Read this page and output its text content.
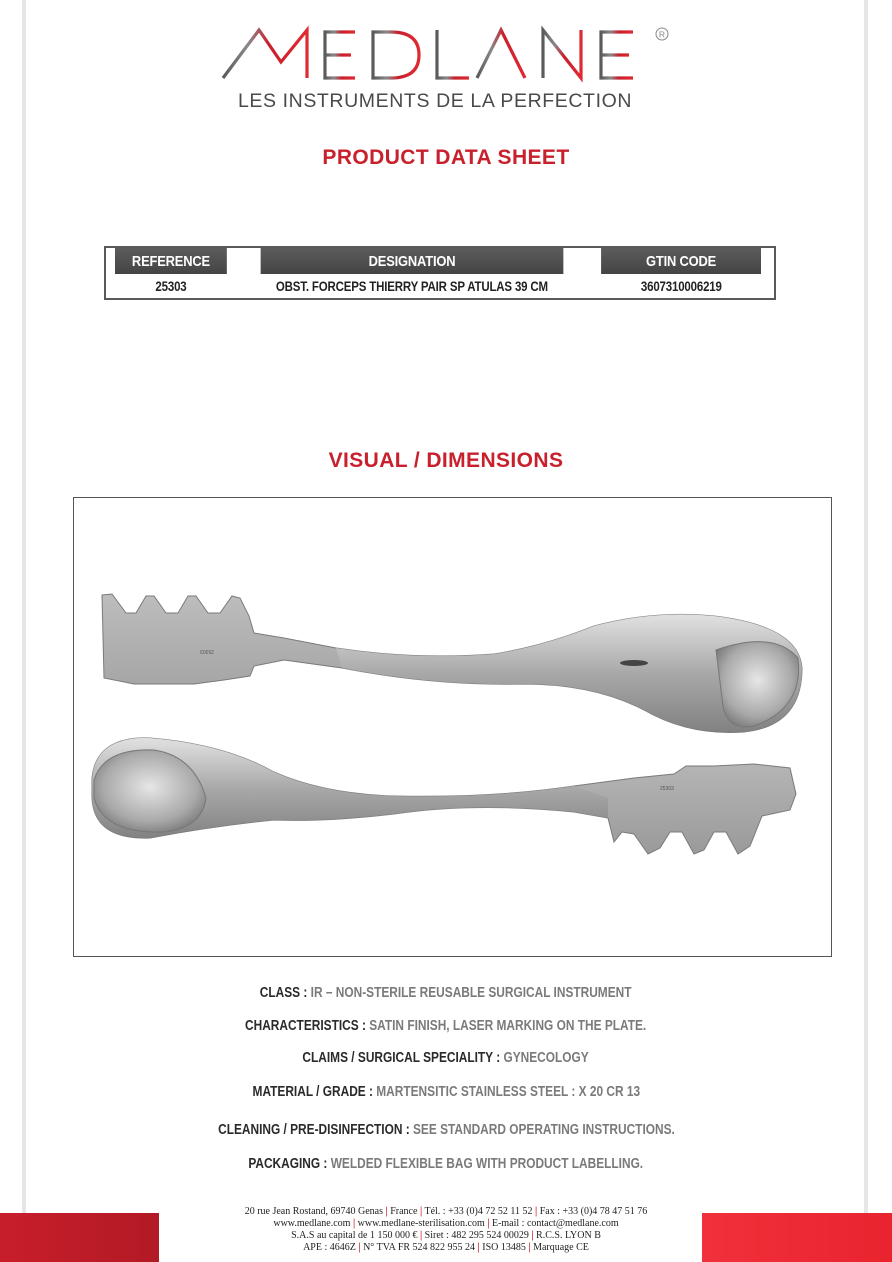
R
LES INSTRUMENTS DE LA PERFECTION
PRODUCT DATA SHEET
REFERENCE	DESIGNATION	GTIN CODE
25303	OBST. FORCEPS THIERRY PAIR SP ATULAS 39 CM	3607310006219
VISUAL / DIMENSIONS
25303
25303
CLASS : IR – NON-STERILE REUSABLE SURGICAL INSTRUMENT
CHARACTERISTICS : SATIN FINISH, LASER MARKING ON THE PLATE.
CLAIMS / SURGICAL SPECIALITY : GYNECOLOGY
MATERIAL / GRADE : MARTENSITIC STAINLESS STEEL : X 20 CR 13
CLEANING / PRE-DISINFECTION : SEE STANDARD OPERATING INSTRUCTIONS.
PACKAGING : WELDED FLEXIBLE BAG WITH PRODUCT LABELLING.
20 rue Jean Rostand, 69740 Genas | France | Tél. : +33 (0)4 72 52 11 52 | Fax : +33 (0)4 78 47 51 76
www.medlane.com | www.medlane-sterilisation.com | E-mail : contact@medlane.com
S.A.S au capital de 1 150 000 € | Siret : 482 295 524 00029 | R.C.S. LYON B
APE : 4646Z | N° TVA FR 524 822 955 24 | ISO 13485 | Marquage CE
